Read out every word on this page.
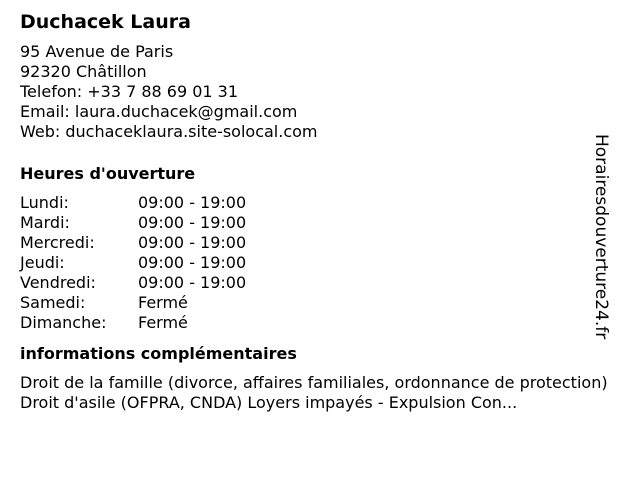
Duchacek Laura
95 Avenue de Paris
92320 Châtillon
Telefon: +33 7 88 69 01 31
Email: laura.duchacek@gmail.com
Web: duchaceklaura.site-solocal.com
Heures d'ouverture
Lundi:	09:00 - 19:00
Mardi:	09:00 - 19:00
Mercredi:	09:00 - 19:00
Jeudi:	09:00 - 19:00
Vendredi:	09:00 - 19:00
Samedi:	Fermé
Dimanche:	Fermé
informations complémentaires
Droit de la famille (divorce, affaires familiales, ordonnance de protection) Droit d'asile (OFPRA, CNDA) Loyers impayés - Expulsion Con...
Horairesdouverture24.fr
